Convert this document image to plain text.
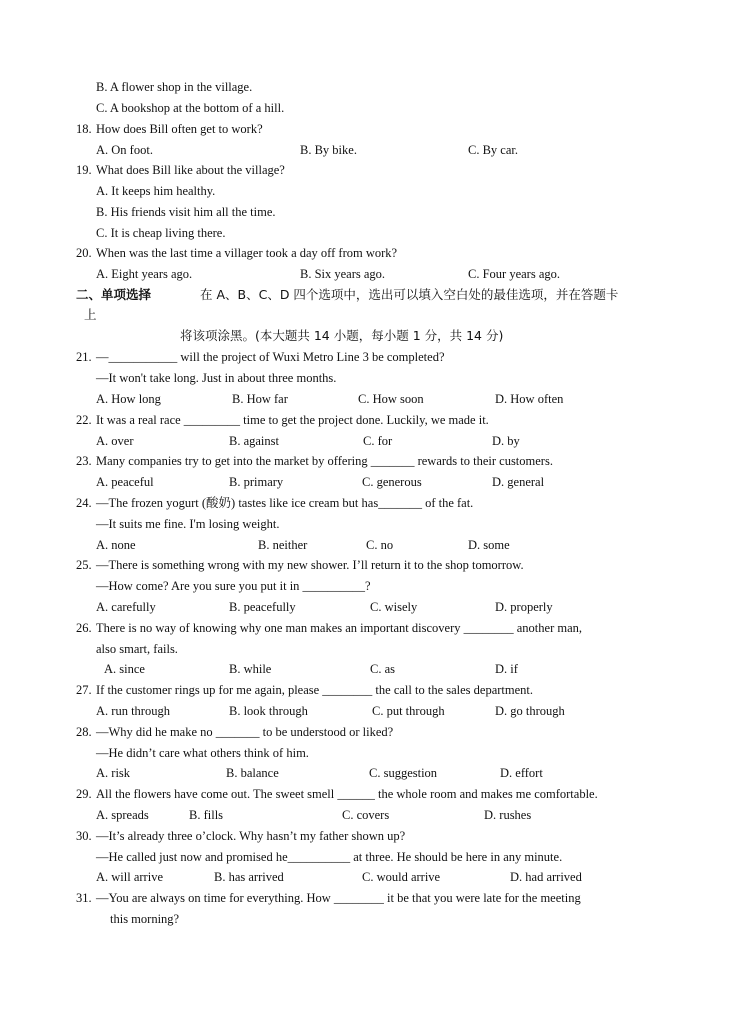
B. A flower shop in the village.
C. A bookshop at the bottom of a hill.
18. How does Bill often get to work?
A. On foot.	B. By bike.	C. By car.
19. What does Bill like about the village?
A. It keeps him healthy.
B. His friends visit him all the time.
C. It is cheap living there.
20. When was the last time a villager took a day off from work?
A. Eight years ago.	B. Six years ago.	C. Four years ago.
二、单项选择	在 A、B、C、D 四个选项中，选出可以填入空白处的最佳选项，并在答题卡
上
将该项涂黑。(本大题共 14 小题，每小题 1 分，共 14 分)
21. —___________ will the project of Wuxi Metro Line 3 be completed?
—It won't take long. Just in about three months.
A. How long	B. How far	C. How soon	D. How often
22. It was a real race _________ time to get the project done. Luckily, we made it.
A. over	B. against	C. for	D. by
23. Many companies try to get into the market by offering _______ rewards to their customers.
A. peaceful	B. primary	C. generous	D. general
24. —The frozen yogurt (酸奶) tastes like ice cream but has_______ of the fat.
—It suits me fine. I'm losing weight.
A. none	B. neither	C. no	D. some
25. —There is something wrong with my new shower. I’ll return it to the shop tomorrow.
—How come? Are you sure you put it in __________?
A. carefully	B. peacefully	C. wisely	D. properly
26. There is no way of knowing why one man makes an important discovery ________ another man,
also smart, fails.
A. since	B. while	C. as	D. if
27. If the customer rings up for me again, please ________ the call to the sales department.
A. run through	B. look through	C. put through	D. go through
28. —Why did he make no _______ to be understood or liked?
—He didn’t care what others think of him.
A. risk	B. balance	C. suggestion	D. effort
29. All the flowers have come out. The sweet smell ______ the whole room and makes me comfortable.
A. spreads	B. fills	C. covers	D. rushes
30. —It’s already three o’clock. Why hasn’t my father shown up?
—He called just now and promised he__________ at three. He should be here in any minute.
A. will arrive	B. has arrived	C. would arrive	D. had arrived
31. —You are always on time for everything. How ________ it be that you were late for the meeting
this morning?
